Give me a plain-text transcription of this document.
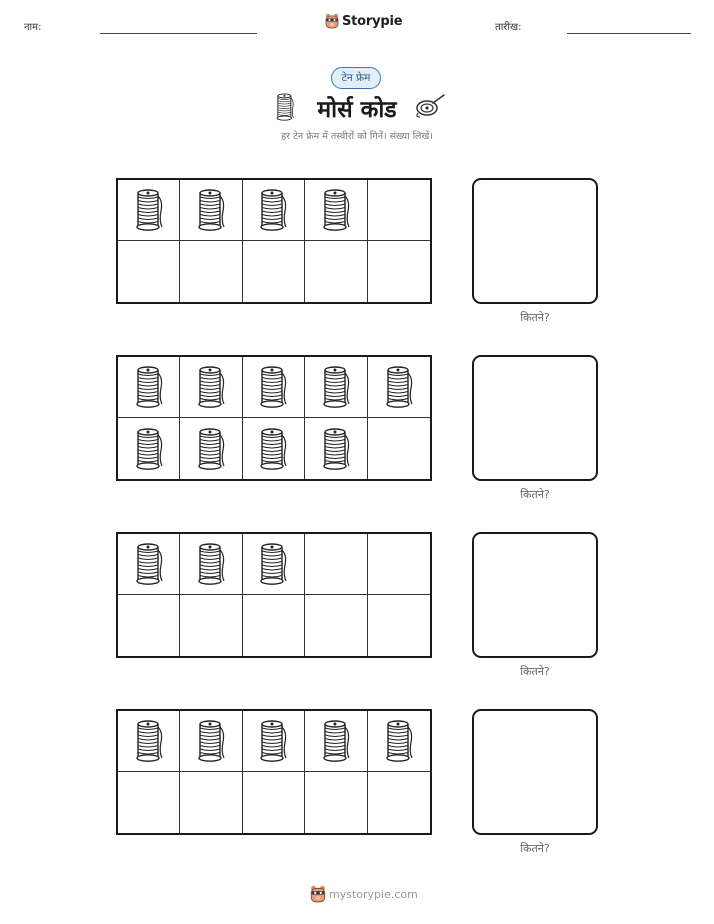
नाम:	Storypie	तारीख:
टेन फ्रेम
मोर्स कोड
हर टेन फ्रेम में तस्वीरों को गिनें। संख्या लिखें।
कितने?
कितने?
कितने?
कितने?
mystorypie.com
